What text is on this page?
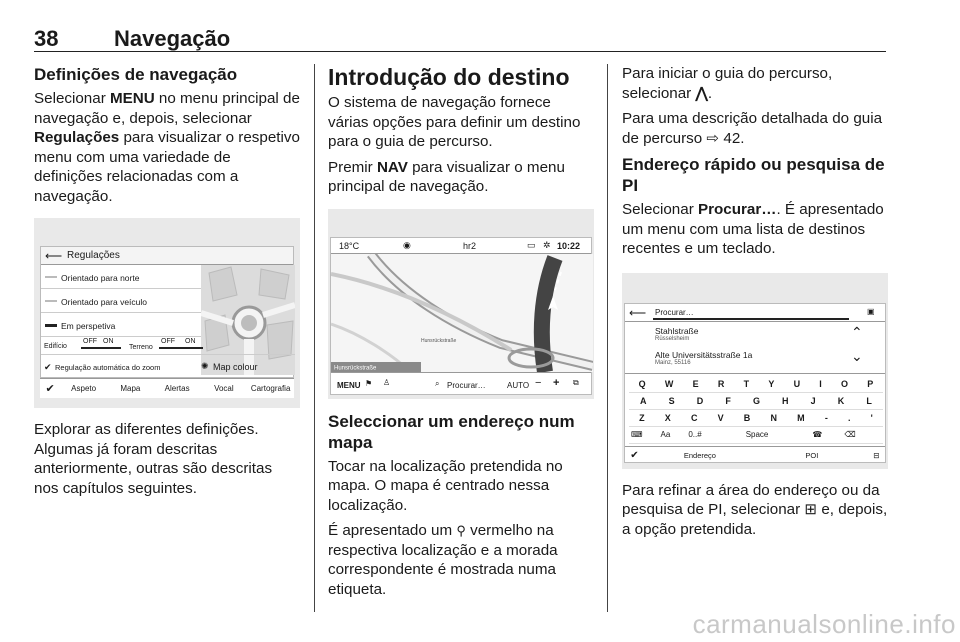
38	Navegação
Definições de navegação

Selecionar MENU no menu principal de navegação e, depois, selecionar Regulações para visualizar o respetivo menu com uma variedade de definições relacionadas com a navegação.

⟵ Regulações
Orientado para norte
Orientado para veículo
Em perspetiva
Edifício
OFF ON
Terreno
OFF ON
✔ Regulação automática do zoom	✺ Map colour
✔	Aspeto	Mapa	Alertas	Vocal	Cartografia

Explorar as diferentes definições. Algumas já foram descritas anteriormente, outras são descritas nos capítulos seguintes.

Introdução do destino

O sistema de navegação fornece várias opções para definir um destino para o guia de percurso.

Premir NAV para visualizar o menu principal de navegação.

18°C	◉	hr2	▭ ✲ 10:22
Hunsrückstraße
Hunsrückstraße
MENU ⚑ ♙	⌕ Procurar…	AUTO − + ⧉
Seleccionar um endereço num mapa

Tocar na localização pretendida no mapa. O mapa é centrado nessa localização.

É apresentado um ⚲ vermelho na respectiva localização e a morada correspondente é mostrada numa etiqueta.

Para iniciar o guia do percurso, selecionar ⋀.

Para uma descrição detalhada do guia de percurso ⇨ 42.

Endereço rápido ou pesquisa de PI

Selecionar Procurar…. É apresentado um menu com uma lista de destinos recentes e um teclado.

⟵ Procurar…	▣
Stahlstraße
Rüsselsheim
Alte Universitätsstraße 1a
Mainz, 55116
⌃
⌄
Q W E R T Y U I O P
A S D F G H J K L
Z X C V B N M - . '
⌨ Aa 0..#	Space	☎	⌫
✔	Endereço	POI	⊟

Para refinar a área do endereço ou da pesquisa de PI, selecionar ⊞ e, depois, a opção pretendida.

carmanualsonline.info
